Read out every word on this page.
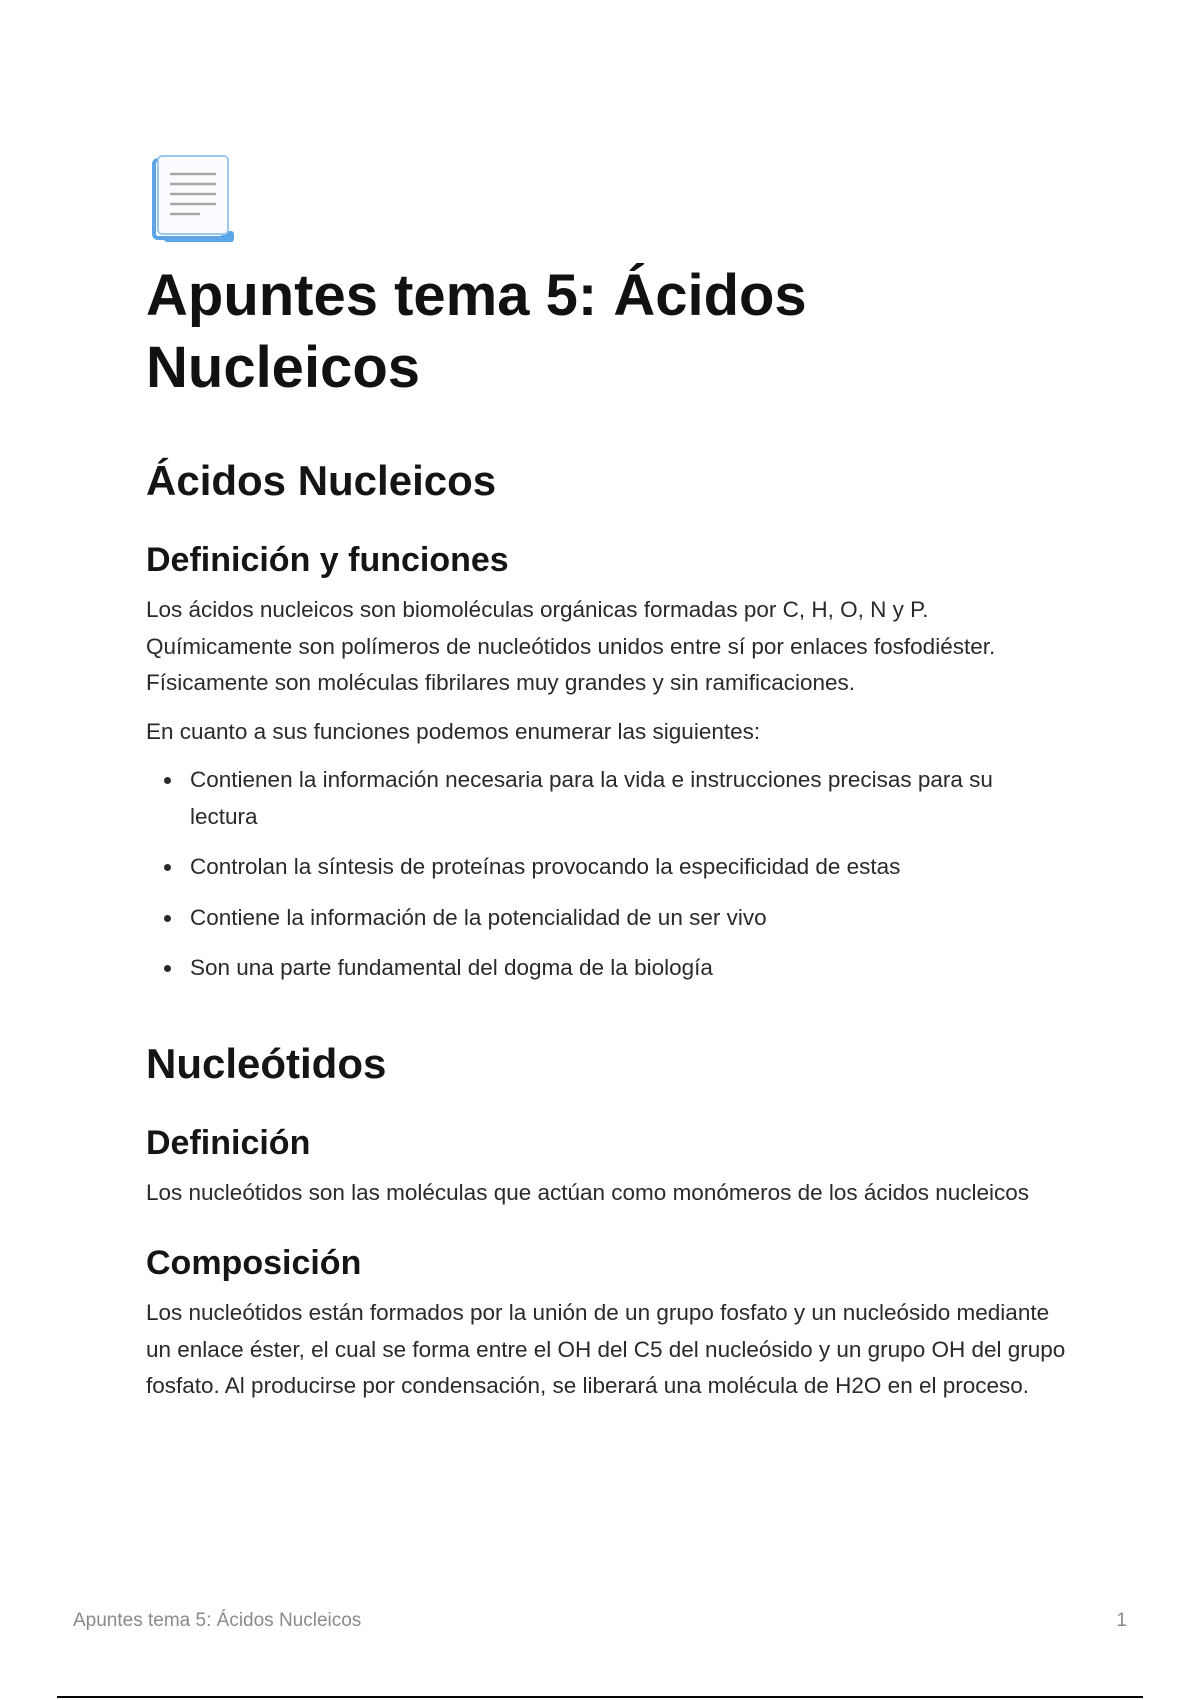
Apuntes tema 5: Ácidos Nucleicos
Ácidos Nucleicos
Definición y funciones

Los ácidos nucleicos son biomoléculas orgánicas formadas por C, H, O, N y P. Químicamente son polímeros de nucleótidos unidos entre sí por enlaces fosfodiéster. Físicamente son moléculas fibrilares muy grandes y sin ramificaciones.

En cuanto a sus funciones podemos enumerar las siguientes:

Contienen la información necesaria para la vida e instrucciones precisas para su lectura
Controlan la síntesis de proteínas provocando la especificidad de estas
Contiene la información de la potencialidad de un ser vivo
Son una parte fundamental del dogma de la biología
Nucleótidos
Definición

Los nucleótidos son las moléculas que actúan como monómeros de los ácidos nucleicos

Composición

Los nucleótidos están formados por la unión de un grupo fosfato y un nucleósido mediante un enlace éster, el cual se forma entre el OH del C5 del nucleósido y un grupo OH del grupo fosfato. Al producirse por condensación, se liberará una molécula de H2O en el proceso.

Apuntes tema 5: Ácidos Nucleicos	1
